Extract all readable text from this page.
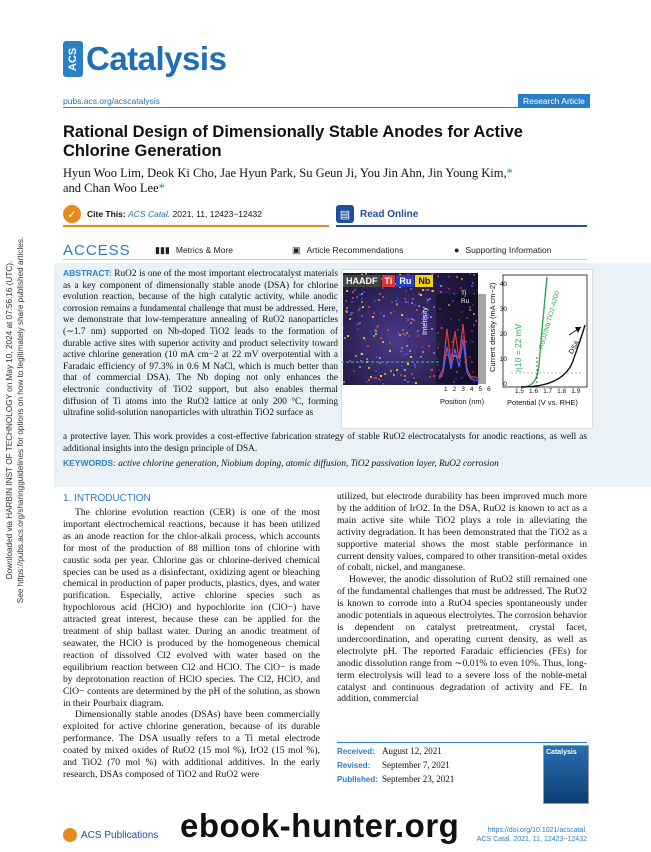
Downloaded via HARBIN INST OF TECHNOLOGY on May 10, 2024 at 07:56:16 (UTC). See https://pubs.acs.org/sharingguidelines for options on how to legitimately share published articles.
ACS Catalysis
pubs.acs.org/acscatalysis	Research Article
Rational Design of Dimensionally Stable Anodes for Active Chlorine Generation
Hyun Woo Lim, Deok Ki Cho, Jae Hyun Park, Su Geun Ji, You Jin Ahn, Jin Young Kim,*
and Chan Woo Lee*
✓	Cite This: ACS Catal. 2021, 11, 12423−12432	▤ Read Online
ACCESS	▮▮▮ Metrics & More	▣ Article Recommendations	● Supporting Information
ABSTRACT: RuO2 is one of the most important electrocatalyst materials as a key component of dimensionally stable anode (DSA) for chlorine evolution reaction, because of the high catalytic activity, while anodic corrosion remains a fundamental challenge that must be addressed. Here, we demonstrate that low-temperature annealing of RuO2 nanoparticles (∼1.7 nm) supported on Nb-doped TiO2 leads to the formation of durable active sites with superior activity and product selectivity toward active chlorine generation (10 mA cm−2 at 22 mV overpotential with a Faradaic efficiency of 97.3% in 0.6 M NaCl, which is much better than that of commercial DSA). The Nb doping not only enhances the electronic conductivity of TiO2 support, but also enables thermal diffusion of Ti atoms into the RuO2 lattice at only 200 °C, forming ultrafine solid-solution nanoparticles with ultrathin TiO2 surface as
HAADF Ti Ru Nb
Ti
Ru
Intensity
1 2 3 4 5 6
Position (nm)
Current density (mA cm−2) 40
30
20
10
0
1.5 1.6 1.7 1.8 1.9
Potential (V vs. RHE)
η10 = 22 mV RuO2/Nb:TiO2-A200 DSA
a protective layer. This work provides a cost-effective fabrication strategy of stable RuO2 electrocatalysts for anodic reactions, as well as additional insights into the design principle of DSA.
KEYWORDS: active chlorine generation, Niobium doping, atomic diffusion, TiO2 passivation layer, RuO2 corrosion
1. INTRODUCTION

The chlorine evolution reaction (CER) is one of the most important electrochemical reactions, because it has been utilized as an anode reaction for the chlor-alkali process, which accounts for most of the production of 88 million tons of chlorine with caustic soda per year. Chlorine gas or chlorine-derived chemical species can be used as a disinfectant, oxidizing agent or bleaching chemical in production of paper products, plastics, dyes, and water purification. Especially, active chlorine species such as hypochlorous acid (HClO) and hypochlorite ion (ClO−) have attracted great interest, because these can be applied for the treatment of ship ballast water. During an anodic treatment of seawater, the HClO is produced by the homogeneous chemical reaction of dissolved Cl2 evolved with water based on the equilibrium reaction between Cl2 and HClO. The ClO− is made by deprotonation reaction of HClO species. The Cl2, HClO, and ClO− contents are determined by the pH of the solution, as shown in their Pourbaix diagram.

Dimensionally stable anodes (DSAs) have been commercially exploited for active chlorine generation, because of its durable performance. The DSA usually refers to a Ti metal electrode coated by mixed oxides of RuO2 (15 mol %), IrO2 (15 mol %), and TiO2 (70 mol %) with additional additives. In the early research, DSAs composed of TiO2 and RuO2 were

utilized, but electrode durability has been improved much more by the addition of IrO2. In the DSA, RuO2 is known to act as a main active site while TiO2 plays a role in alleviating the activity degradation. It has been demonstrated that the TiO2 as a supportive material shows the most stable performance in current density values, compared to other transition-metal oxides of cobalt, nickel, and manganese.

However, the anodic dissolution of RuO2 still remained one of the fundamental challenges that must be addressed. The RuO2 is known to corrode into a RuO4 species spontaneously under anodic potentials in aqueous electrolytes. The corrosion behavior is dependent on catalyst pretreatment, crystal facet, undercoordination, and operating current density, as well as electrolyte pH. The reported Faradaic efficiencies (FEs) for anodic dissolution range from ∼0.01% to even 10%. Thus, long-term electrolysis will lead to a severe loss of the noble-metal catalyst and continuous degradation of activity and FE. In addition, commercial

Received: August 12, 2021
Revised:	September 7, 2021
Published: September 23, 2021
Catalysis
ACS Publications	https://doi.org/10.1021/acscatal.
ACS Catal. 2021, 11, 12423−12432
ebook-hunter.org
